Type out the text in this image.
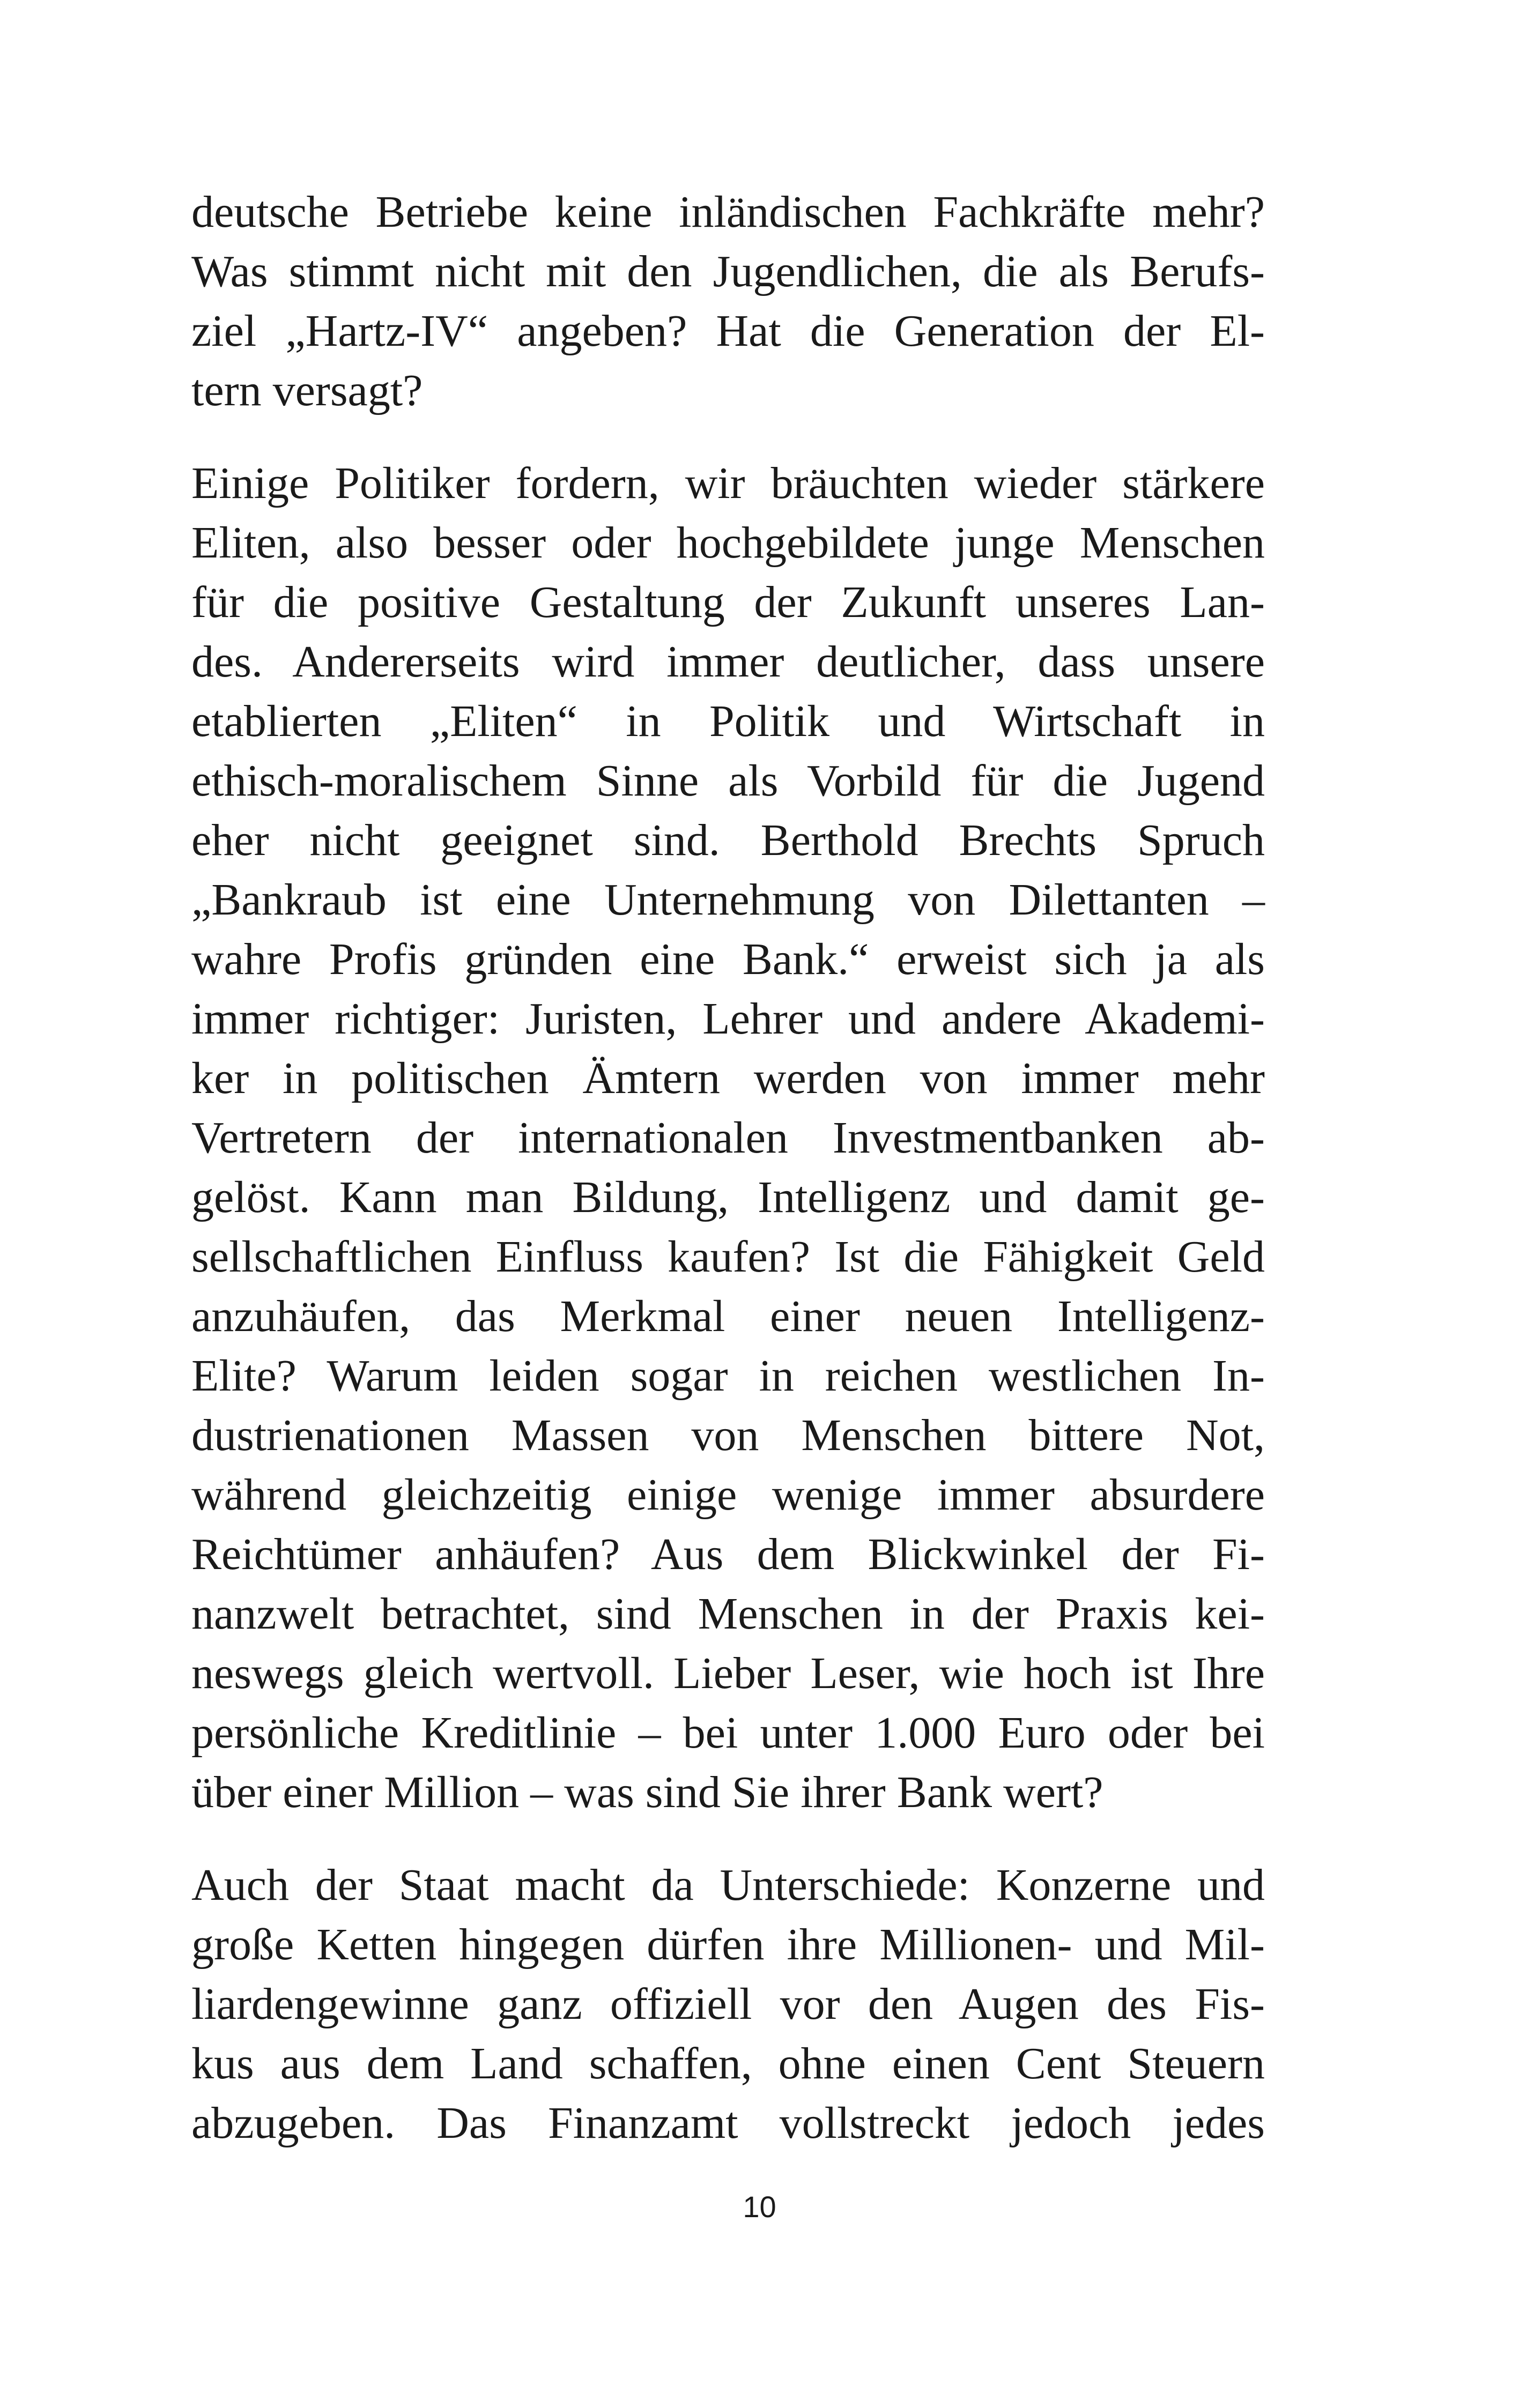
deutsche Betriebe keine inländischen Fachkräfte mehr?
Was stimmt nicht mit den Jugendlichen, die als Berufs-
ziel „Hartz-IV“ angeben? Hat die Generation der El-
tern versagt?

Einige Politiker fordern, wir bräuchten wieder stärkere
Eliten, also besser oder hochgebildete junge Menschen
für die positive Gestaltung der Zukunft unseres Lan-
des. Andererseits wird immer deutlicher, dass unsere
etablierten „Eliten“ in Politik und Wirtschaft in
ethisch-moralischem Sinne als Vorbild für die Jugend
eher nicht geeignet sind. Berthold Brechts Spruch
„Bankraub ist eine Unternehmung von Dilettanten –
wahre Profis gründen eine Bank.“ erweist sich ja als
immer richtiger: Juristen, Lehrer und andere Akademi-
ker in politischen Ämtern werden von immer mehr
Vertretern der internationalen Investmentbanken ab-
gelöst. Kann man Bildung, Intelligenz und damit ge-
sellschaftlichen Einfluss kaufen? Ist die Fähigkeit Geld
anzuhäufen, das Merkmal einer neuen Intelligenz-
Elite? Warum leiden sogar in reichen westlichen In-
dustrienationen Massen von Menschen bittere Not,
während gleichzeitig einige wenige immer absurdere
Reichtümer anhäufen? Aus dem Blickwinkel der Fi-
nanzwelt betrachtet, sind Menschen in der Praxis kei-
neswegs gleich wertvoll. Lieber Leser, wie hoch ist Ihre
persönliche Kreditlinie – bei unter 1.000 Euro oder bei
über einer Million – was sind Sie ihrer Bank wert?

Auch der Staat macht da Unterschiede: Konzerne und
große Ketten hingegen dürfen ihre Millionen- und Mil-
liardengewinne ganz offiziell vor den Augen des Fis-
kus aus dem Land schaffen, ohne einen Cent Steuern
abzugeben. Das Finanzamt vollstreckt jedoch jedes

10
